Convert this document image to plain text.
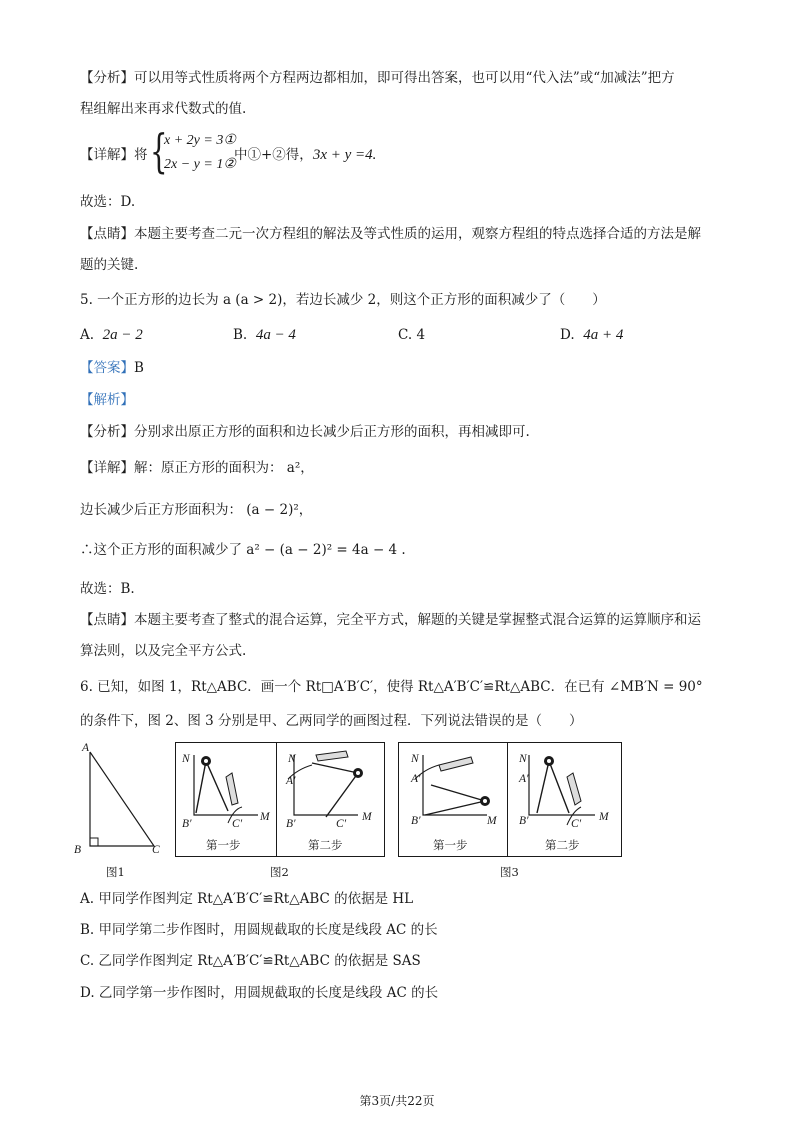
【分析】可以用等式性质将两个方程两边都相加，即可得出答案，也可以用“代入法”或“加减法”把方
程组解出来再求代数式的值.
【详解】将 {
x + 2y = 3①
2x − y = 1②
中①+②得，3x + y =4.
故选：D.
【点睛】本题主要考查二元一次方程组的解法及等式性质的运用，观察方程组的特点选择合适的方法是解
题的关键.
5. 一个正方形的边长为 a (a > 2)，若边长减少 2，则这个正方形的面积减少了（　　）
A. 2a − 2	B. 4a − 4	C. 4	D. 4a + 4
【答案】B
【解析】
【分析】分别求出原正方形的面积和边长减少后正方形的面积，再相减即可.
【详解】解：原正方形的面积为： a²，
边长减少后正方形面积为： (a − 2)²，
∴这个正方形的面积减少了 a² − (a − 2)² = 4a − 4 .
故选：B.
【点睛】本题主要考查了整式的混合运算，完全平方式，解题的关键是掌握整式混合运算的运算顺序和运
算法则，以及完全平方公式.
6. 已知，如图 1，Rt△ABC．画一个 Rt□A′B′C′，使得 Rt△A′B′C′≌Rt△ABC．在已有 ∠MB′N = 90°
的条件下，图 2、图 3 分别是甲、乙两同学的画图过程．下列说法错误的是（　　）
A
B	C
图1
N
B′	C′
M
N
A′
B′	C′
M
第一步	第二步
图2
N
A′
B′	M
N
A′
B′	C′
M
第一步	第二步
图3
A. 甲同学作图判定 Rt△A′B′C′≌Rt△ABC 的依据是 HL
B. 甲同学第二步作图时，用圆规截取的长度是线段 AC 的长
C. 乙同学作图判定 Rt△A′B′C′≌Rt△ABC 的依据是 SAS
D. 乙同学第一步作图时，用圆规截取的长度是线段 AC 的长
第3页/共22页
